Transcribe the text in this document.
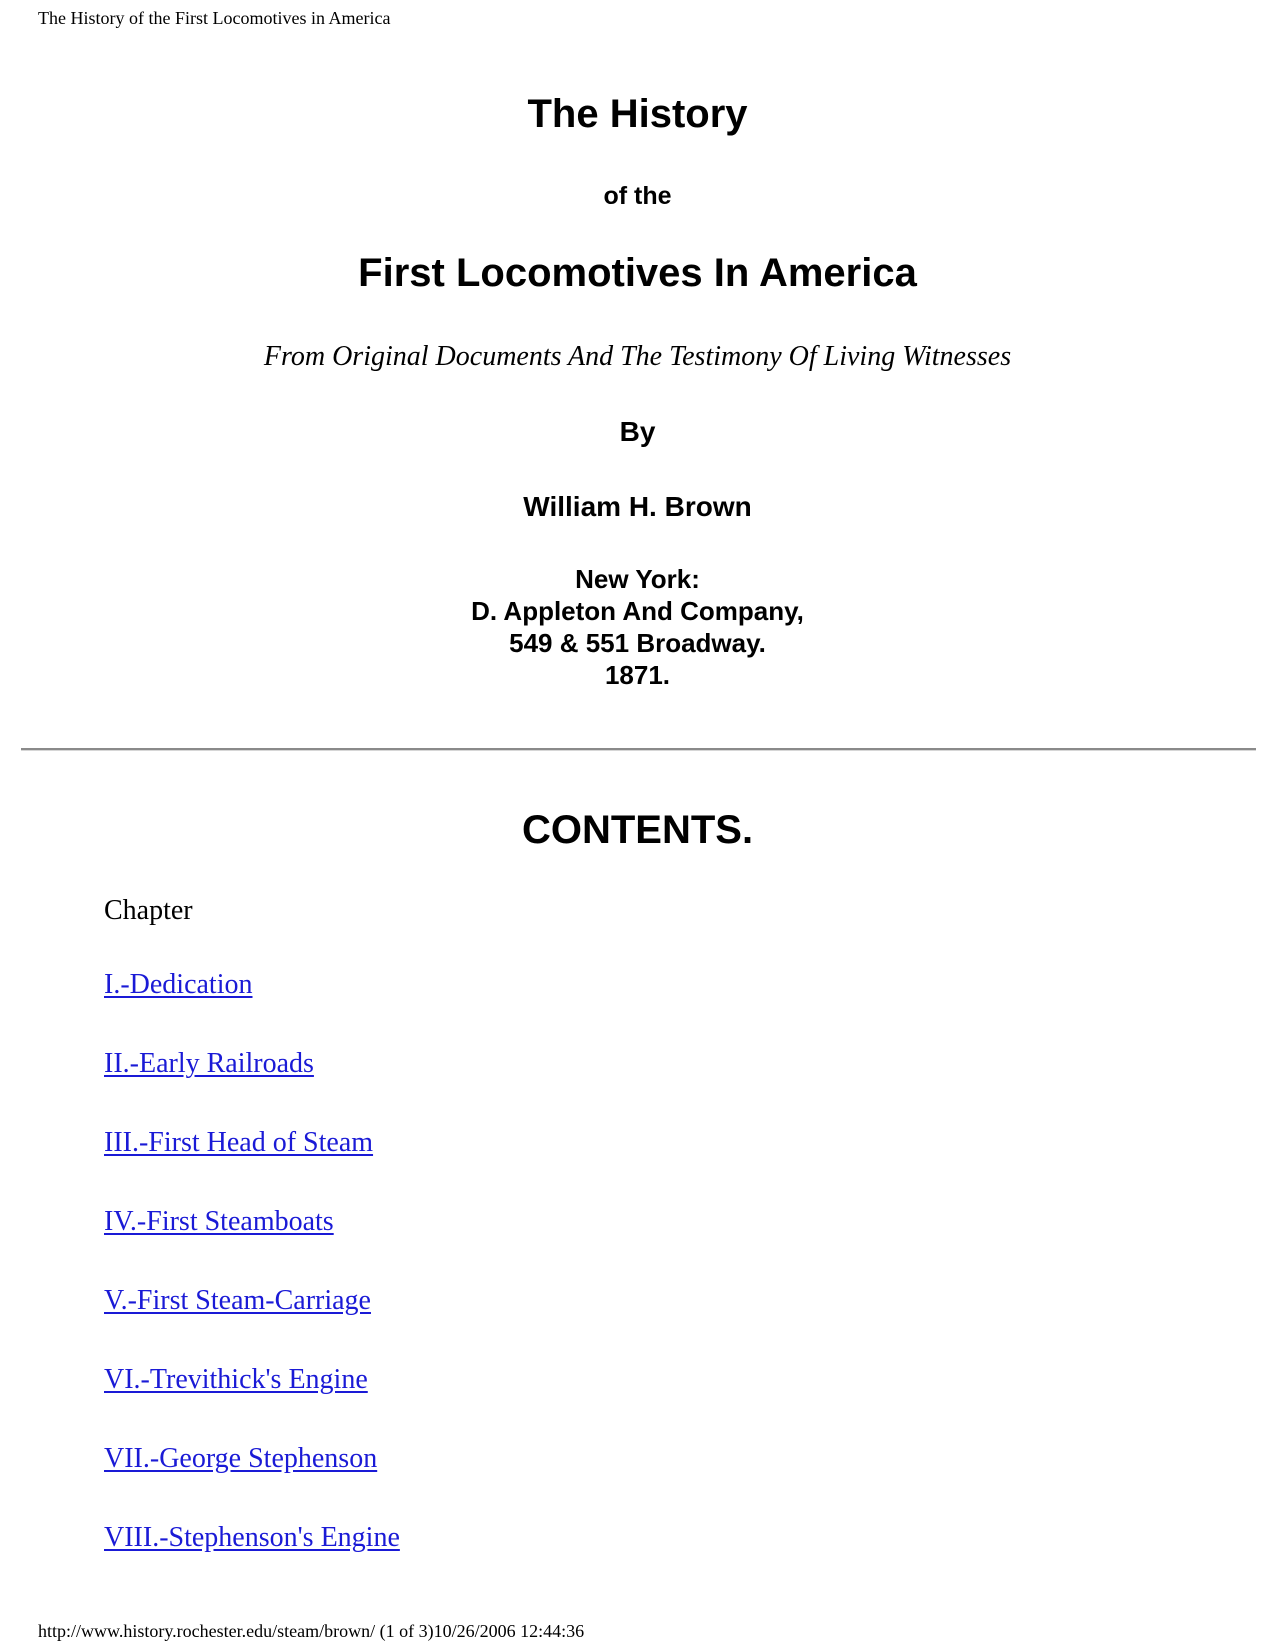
The History of the First Locomotives in America
The History
of the
First Locomotives In America
From Original Documents And The Testimony Of Living Witnesses
By
William H. Brown
New York:
D. Appleton And Company,
549 & 551 Broadway.
1871.
CONTENTS.
Chapter
I.-Dedication
II.-Early Railroads
III.-First Head of Steam
IV.-First Steamboats
V.-First Steam-Carriage
VI.-Trevithick's Engine
VII.-George Stephenson
VIII.-Stephenson's Engine
http://www.history.rochester.edu/steam/brown/ (1 of 3)10/26/2006 12:44:36
